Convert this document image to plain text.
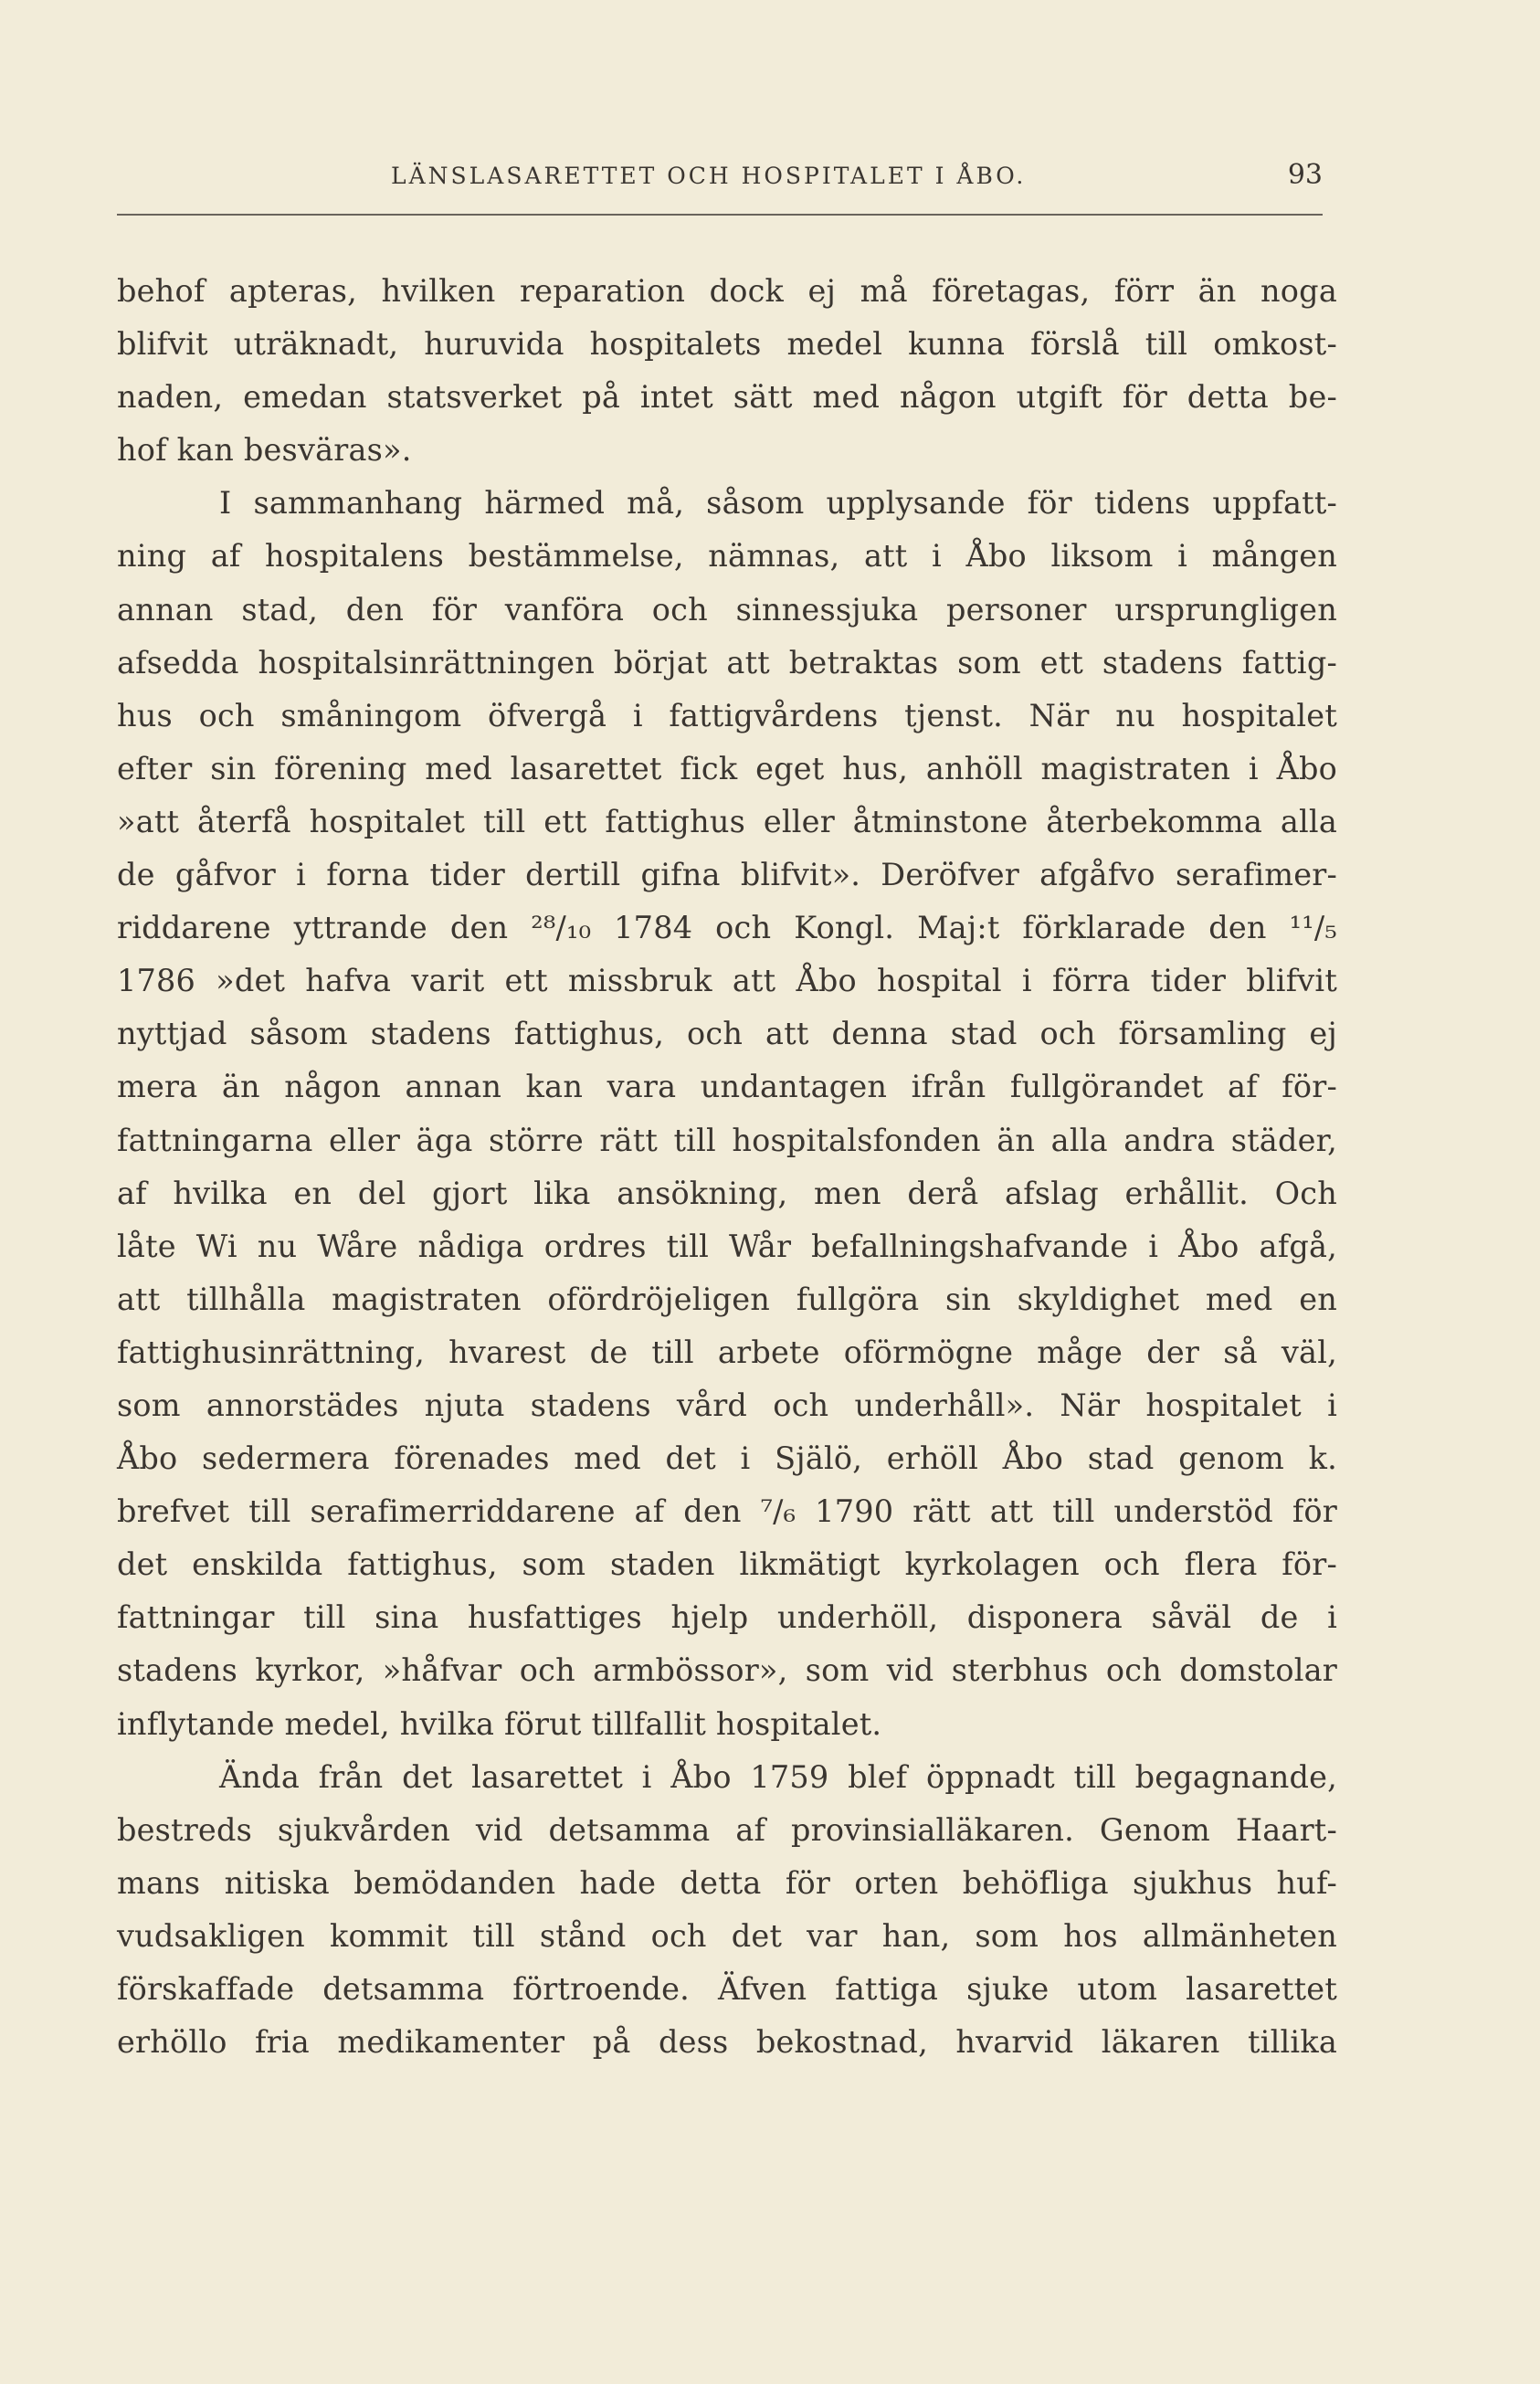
LÄNSLASARETTET OCH HOSPITALET I ÅBO.	93
behof apteras, hvilken reparation dock ej må företagas, förr än noga
blifvit uträknadt, huruvida hospitalets medel kunna förslå till omkost-
naden, emedan statsverket på intet sätt med någon utgift för detta be-
hof kan besväras».
I sammanhang härmed må, såsom upplysande för tidens uppfatt-
ning af hospitalens bestämmelse, nämnas, att i Åbo liksom i mången
annan stad, den för vanföra och sinnessjuka personer ursprungligen
afsedda hospitalsinrättningen börjat att betraktas som ett stadens fattig-
hus och småningom öfvergå i fattigvårdens tjenst. När nu hospitalet
efter sin förening med lasarettet fick eget hus, anhöll magistraten i Åbo
»att återfå hospitalet till ett fattighus eller åtminstone återbekomma alla
de gåfvor i forna tider dertill gifna blifvit». Deröfver afgåfvo serafimer-
riddarene yttrande den ²⁸/₁₀ 1784 och Kongl. Maj:t förklarade den ¹¹/₅
1786 »det hafva varit ett missbruk att Åbo hospital i förra tider blifvit
nyttjad såsom stadens fattighus, och att denna stad och församling ej
mera än någon annan kan vara undantagen ifrån fullgörandet af för-
fattningarna eller äga större rätt till hospitalsfonden än alla andra städer,
af hvilka en del gjort lika ansökning, men derå afslag erhållit. Och
låte Wi nu Wåre nådiga ordres till Wår befallningshafvande i Åbo afgå,
att tillhålla magistraten ofördröjeligen fullgöra sin skyldighet med en
fattighusinrättning, hvarest de till arbete oförmögne måge der så väl,
som annorstädes njuta stadens vård och underhåll». När hospitalet i
Åbo sedermera förenades med det i Själö, erhöll Åbo stad genom k.
brefvet till serafimerriddarene af den ⁷/₆ 1790 rätt att till understöd för
det enskilda fattighus, som staden likmätigt kyrkolagen och flera för-
fattningar till sina husfattiges hjelp underhöll, disponera såväl de i
stadens kyrkor, »håfvar och armbössor», som vid sterbhus och domstolar
inflytande medel, hvilka förut tillfallit hospitalet.
Ända från det lasarettet i Åbo 1759 blef öppnadt till begagnande,
bestreds sjukvården vid detsamma af provinsialläkaren. Genom Haart-
mans nitiska bemödanden hade detta för orten behöfliga sjukhus huf-
vudsakligen kommit till stånd och det var han, som hos allmänheten
förskaffade detsamma förtroende. Äfven fattiga sjuke utom lasarettet
erhöllo fria medikamenter på dess bekostnad, hvarvid läkaren tillika
